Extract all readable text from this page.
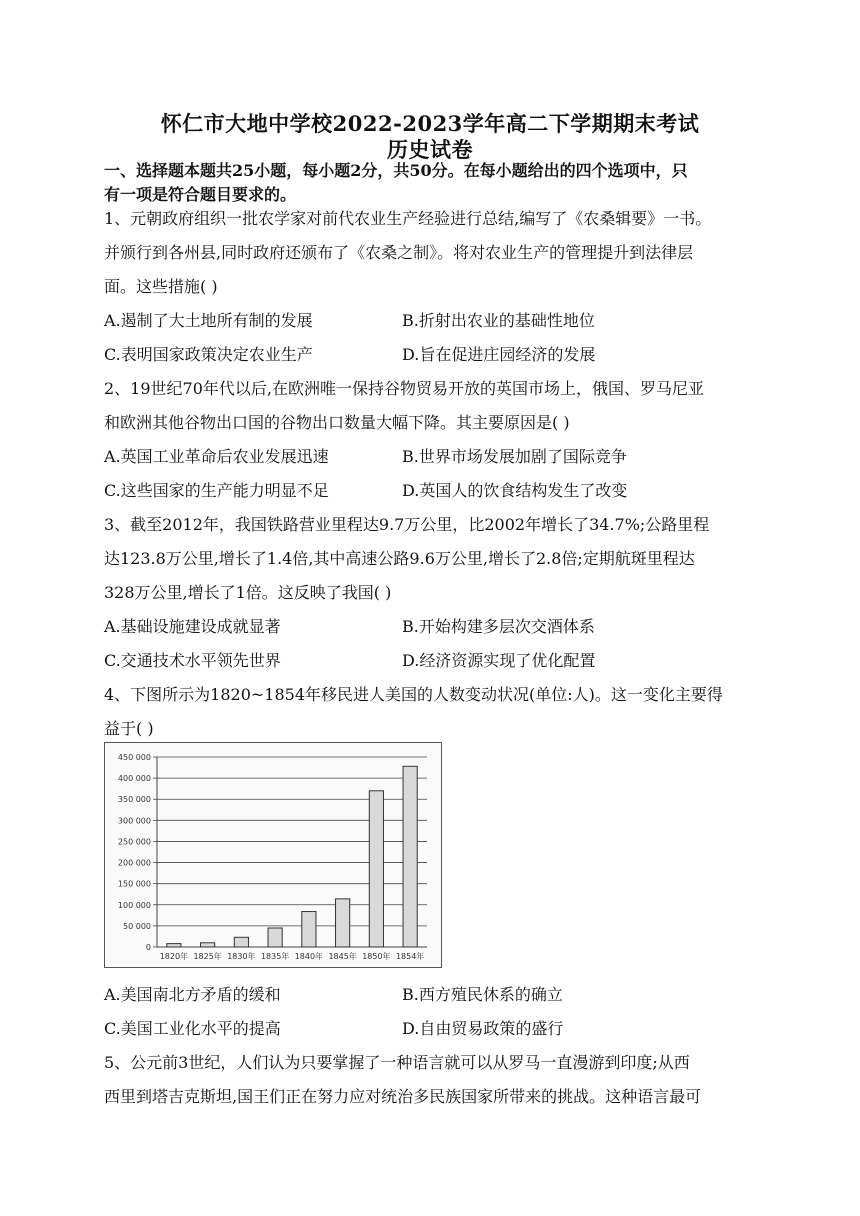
怀仁市大地中学校2022-2023学年高二下学期期末考试
历史试卷
一、选择题本题共25小题，每小题2分，共50分。在每小题给出的四个选项中，只
有一项是符合题目要求的。
1、元朝政府组织一批农学家对前代农业生产经验进行总结,编写了《农桑辑要》一书。
并颁行到各州县,同时政府还颁布了《农桑之制》。将对农业生产的管理提升到法律层
面。这些措施( )
A.遏制了大土地所有制的发展	B.折射出农业的基础性地位
C.表明国家政策决定农业生产	D.旨在促进庄园经济的发展
2、19世纪70年代以后,在欧洲唯一保持谷物贸易开放的英国市场上，俄国、罗马尼亚
和欧洲其他谷物出口国的谷物出口数量大幅下降。其主要原因是( )
A.英国工业革命后农业发展迅速	B.世界市场发展加剧了国际竞争
C.这些国家的生产能力明显不足	D.英国人的饮食结构发生了改变
3、截至2012年，我国铁路营业里程达9.7万公里，比2002年增长了34.7%;公路里程
达123.8万公里,增长了1.4倍,其中高速公路9.6万公里,增长了2.8倍;定期航斑里程达
328万公里,增长了1倍。这反映了我国( )
A.基础设施建设成就显著	B.开始构建多层次交酒体系
C.交通技术水平领先世界	D.经济资源实现了优化配置
4、下图所示为1820~1854年移民进人美国的人数变动状况(单位:人)。这一变化主要得
益于( )
0
50 000
100 000
150 000
200 000
250 000
300 000
350 000
400 000
450 000
1820年 1825年 1830年 1835年 1840年 1845年 1850年 1854年
A.美国南北方矛盾的缓和	B.西方殖民休系的确立
C.美国工业化水平的提高	D.自由贸易政策的盛行
5、公元前3世纪，人们认为只要掌握了一种语言就可以从罗马一直漫游到印度;从西
西里到塔吉克斯坦,国王们正在努力应对统治多民族国家所带来的挑战。这种语言最可
